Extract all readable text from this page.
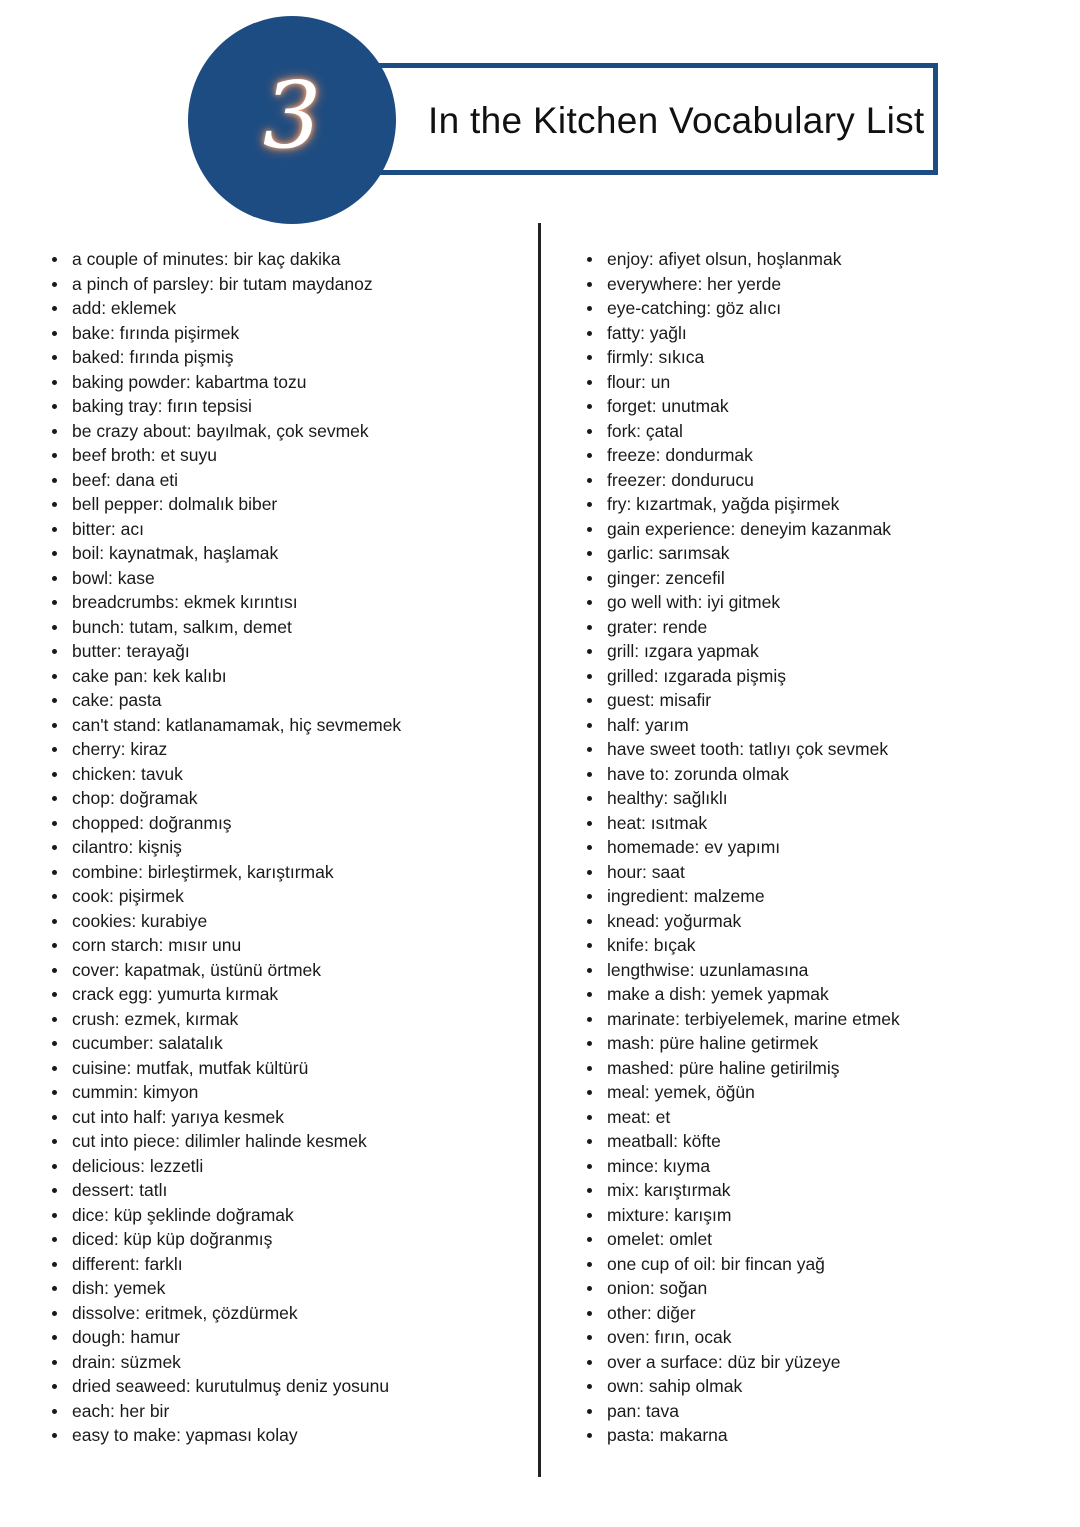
3	In the Kitchen Vocabulary List
a couple of minutes: bir kaç dakika
a pinch of parsley: bir tutam maydanoz
add: eklemek
bake: fırında pişirmek
baked: fırında pişmiş
baking powder: kabartma tozu
baking tray: fırın tepsisi
be crazy about: bayılmak, çok sevmek
beef broth: et suyu
beef: dana eti
bell pepper: dolmalık biber
bitter: acı
boil: kaynatmak, haşlamak
bowl: kase
breadcrumbs: ekmek kırıntısı
bunch: tutam, salkım, demet
butter: terayağı
cake pan: kek kalıbı
cake: pasta
can't stand: katlanamamak, hiç sevmemek
cherry: kiraz
chicken: tavuk
chop: doğramak
chopped: doğranmış
cilantro: kişniş
combine: birleştirmek, karıştırmak
cook: pişirmek
cookies: kurabiye
corn starch: mısır unu
cover: kapatmak, üstünü örtmek
crack egg: yumurta kırmak
crush: ezmek, kırmak
cucumber: salatalık
cuisine: mutfak, mutfak kültürü
cummin: kimyon
cut into half: yarıya kesmek
cut into piece: dilimler halinde kesmek
delicious: lezzetli
dessert: tatlı
dice: küp şeklinde doğramak
diced: küp küp doğranmış
different: farklı
dish: yemek
dissolve: eritmek, çözdürmek
dough: hamur
drain: süzmek
dried seaweed: kurutulmuş deniz yosunu
each: her bir
easy to make: yapması kolay
enjoy: afiyet olsun, hoşlanmak
everywhere: her yerde
eye-catching: göz alıcı
fatty: yağlı
firmly: sıkıca
flour: un
forget: unutmak
fork: çatal
freeze: dondurmak
freezer: dondurucu
fry: kızartmak, yağda pişirmek
gain experience: deneyim kazanmak
garlic: sarımsak
ginger: zencefil
go well with: iyi gitmek
grater: rende
grill: ızgara yapmak
grilled: ızgarada pişmiş
guest: misafir
half: yarım
have sweet tooth: tatlıyı çok sevmek
have to: zorunda olmak
healthy: sağlıklı
heat: ısıtmak
homemade: ev yapımı
hour: saat
ingredient: malzeme
knead: yoğurmak
knife: bıçak
lengthwise: uzunlamasına
make a dish: yemek yapmak
marinate: terbiyelemek, marine etmek
mash: püre haline getirmek
mashed: püre haline getirilmiş
meal: yemek, öğün
meat: et
meatball: köfte
mince: kıyma
mix: karıştırmak
mixture: karışım
omelet: omlet
one cup of oil: bir fincan yağ
onion: soğan
other: diğer
oven: fırın, ocak
over a surface: düz bir yüzeye
own: sahip olmak
pan: tava
pasta: makarna
